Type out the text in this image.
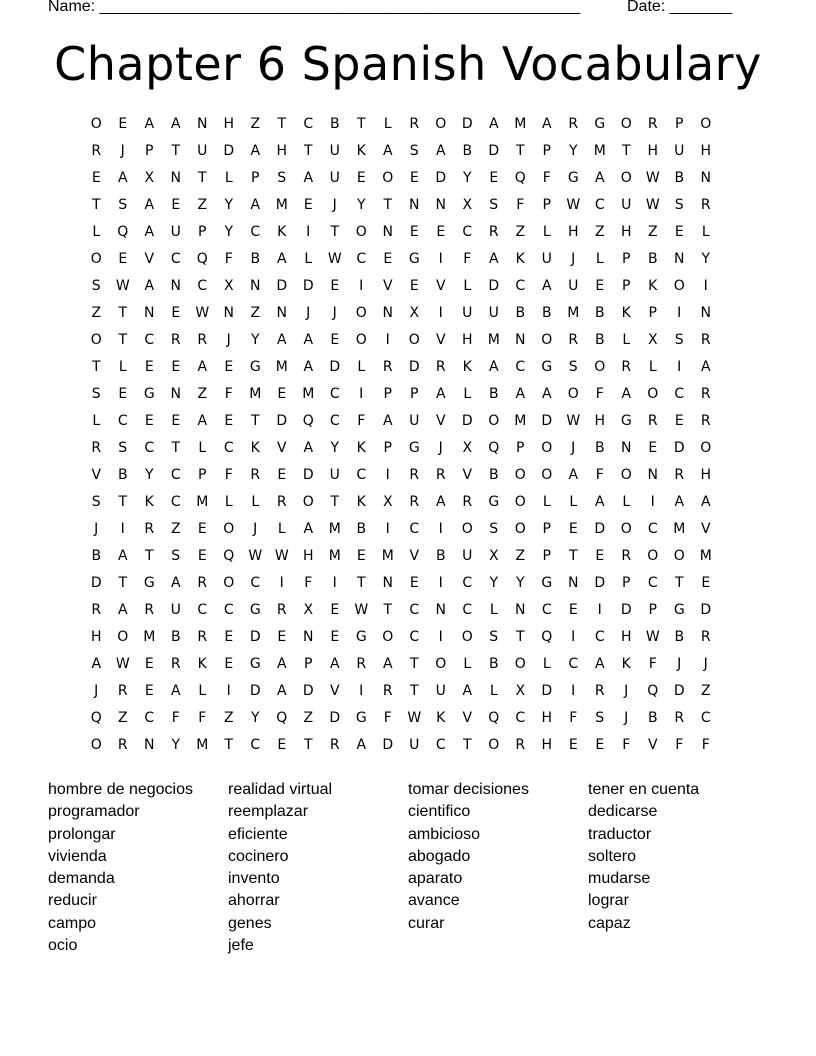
Name: ______________________________________________________	Date: _______
Chapter 6 Spanish Vocabulary
O	E	A	A	N	H	Z	T	C	B	T	L	R	O	D	A	M	A	R	G	O	R	P	O
R	J	P	T	U	D	A	H	T	U	K	A	S	A	B	D	T	P	Y	M	T	H	U	H
E	A	X	N	T	L	P	S	A	U	E	O	E	D	Y	E	Q	F	G	A	O	W	B	N
T	S	A	E	Z	Y	A	M	E	J	Y	T	N	N	X	S	F	P	W	C	U	W	S	R
L	Q	A	U	P	Y	C	K	I	T	O	N	E	E	C	R	Z	L	H	Z	H	Z	E	L
O	E	V	C	Q	F	B	A	L	W	C	E	G	I	F	A	K	U	J	L	P	B	N	Y
S	W	A	N	C	X	N	D	D	E	I	V	E	V	L	D	C	A	U	E	P	K	O	I
Z	T	N	E	W	N	Z	N	J	J	O	N	X	I	U	U	B	B	M	B	K	P	I	N
O	T	C	R	R	J	Y	A	A	E	O	I	O	V	H	M	N	O	R	B	L	X	S	R
T	L	E	E	A	E	G	M	A	D	L	R	D	R	K	A	C	G	S	O	R	L	I	A
S	E	G	N	Z	F	M	E	M	C	I	P	P	A	L	B	A	A	O	F	A	O	C	R
L	C	E	E	A	E	T	D	Q	C	F	A	U	V	D	O	M	D	W	H	G	R	E	R
R	S	C	T	L	C	K	V	A	Y	K	P	G	J	X	Q	P	O	J	B	N	E	D	O
V	B	Y	C	P	F	R	E	D	U	C	I	R	R	V	B	O	O	A	F	O	N	R	H
S	T	K	C	M	L	L	R	O	T	K	X	R	A	R	G	O	L	L	A	L	I	A	A
J	I	R	Z	E	O	J	L	A	M	B	I	C	I	O	S	O	P	E	D	O	C	M	V
B	A	T	S	E	Q	W W	H	M	E	M	V	B	U	X	Z	P	T	E	R	O	O	M
D	T	G	A	R	O	C	I	F	I	T	N	E	I	C	Y	Y	G	N	D	P	C	T	E
R	A	R	U	C	C	G	R	X	E	W	T	C	N	C	L	N	C	E	I	D	P	G	D
H	O	M	B	R	E	D	E	N	E	G	O	C	I	O	S	T	Q	I	C	H	W	B	R
A	W	E	R	K	E	G	A	P	A	R	A	T	O	L	B	O	L	C	A	K	F	J	J
J	R	E	A	L	I	D	A	D	V	I	R	T	U	A	L	X	D	I	R	J	Q	D	Z
Q	Z	C	F	F	Z	Y	Q	Z	D	G	F	W	K	V	Q	C	H	F	S	J	B	R	C
O	R	N	Y	M	T	C	E	T	R	A	D	U	C	T	O	R	H	E	E	F	V	F	F
hombre de negocios
programador
prolongar
vivienda
demanda
reducir
campo
ocio
realidad virtual
reemplazar
eficiente
cocinero
invento
ahorrar
genes
jefe
tomar decisiones
cientifico
ambicioso
abogado
aparato
avance
curar
tener en cuenta
dedicarse
traductor
soltero
mudarse
lograr
capaz
